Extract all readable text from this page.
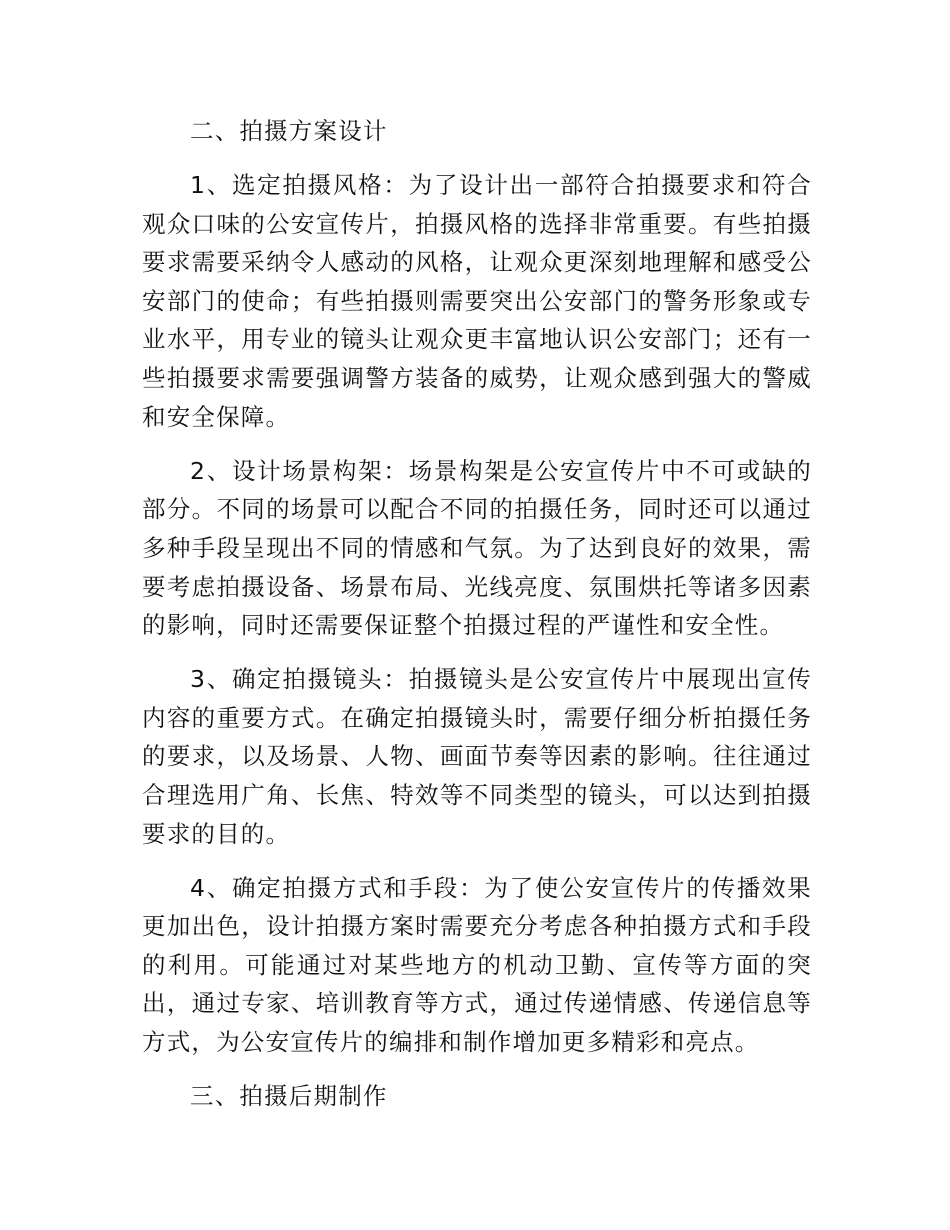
二、拍摄方案设计

1、选定拍摄风格：为了设计出一部符合拍摄要求和符合观众口味的公安宣传片，拍摄风格的选择非常重要。有些拍摄要求需要采纳令人感动的风格，让观众更深刻地理解和感受公安部门的使命；有些拍摄则需要突出公安部门的警务形象或专业水平，用专业的镜头让观众更丰富地认识公安部门；还有一些拍摄要求需要强调警方装备的威势，让观众感到强大的警威和安全保障。

2、设计场景构架：场景构架是公安宣传片中不可或缺的部分。不同的场景可以配合不同的拍摄任务，同时还可以通过多种手段呈现出不同的情感和气氛。为了达到良好的效果，需要考虑拍摄设备、场景布局、光线亮度、氛围烘托等诸多因素的影响，同时还需要保证整个拍摄过程的严谨性和安全性。

3、确定拍摄镜头：拍摄镜头是公安宣传片中展现出宣传内容的重要方式。在确定拍摄镜头时，需要仔细分析拍摄任务的要求，以及场景、人物、画面节奏等因素的影响。往往通过合理选用广角、长焦、特效等不同类型的镜头，可以达到拍摄要求的目的。

4、确定拍摄方式和手段：为了使公安宣传片的传播效果更加出色，设计拍摄方案时需要充分考虑各种拍摄方式和手段的利用。可能通过对某些地方的机动卫勤、宣传等方面的突出，通过专家、培训教育等方式，通过传递情感、传递信息等方式，为公安宣传片的编排和制作增加更多精彩和亮点。

三、拍摄后期制作
